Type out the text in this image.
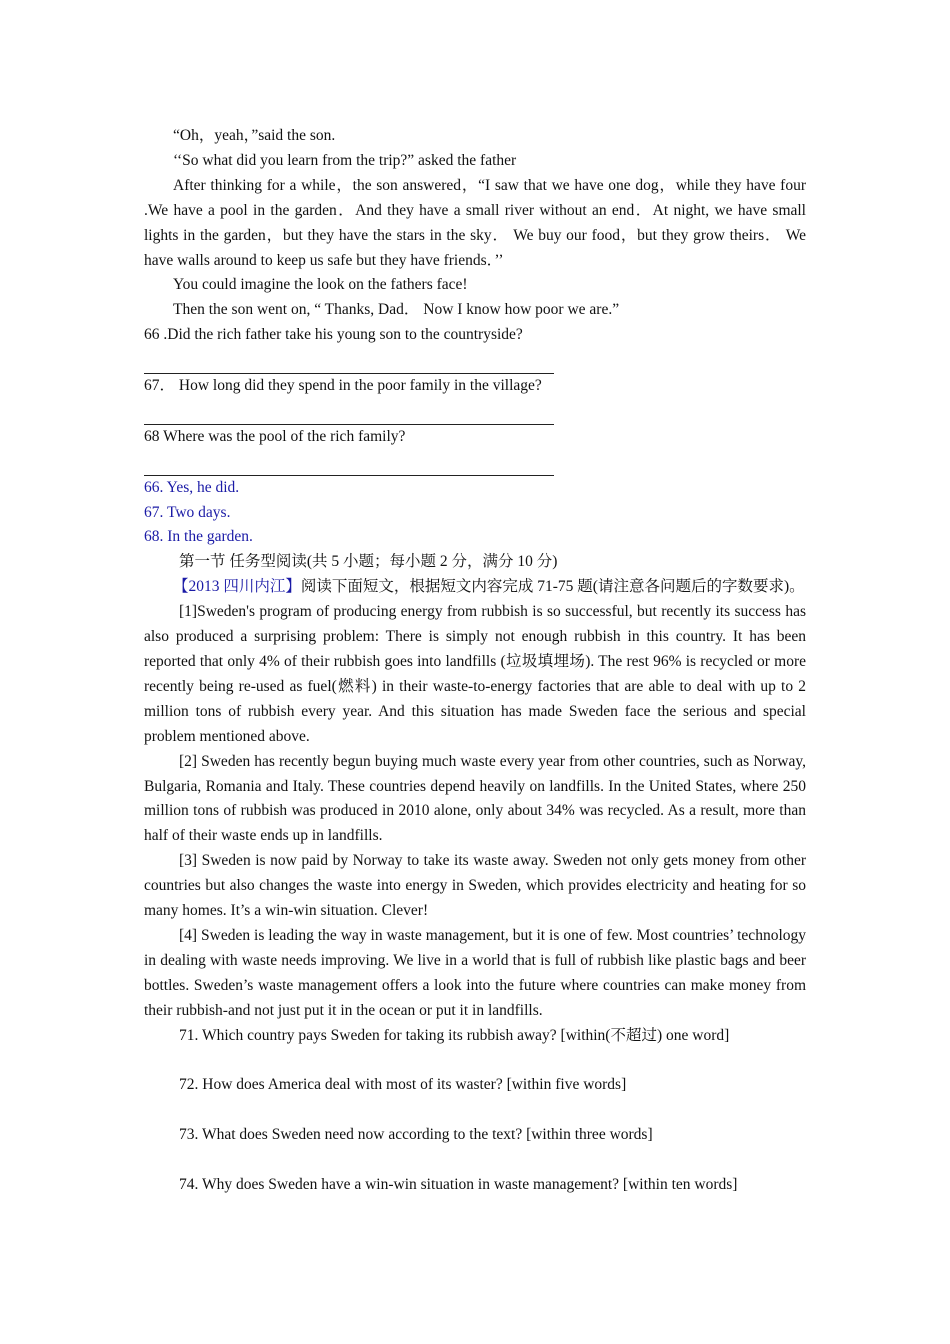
“Oh，yeah，”said the son.

‘‘So what did you learn from the trip?” asked the father

After thinking for a while，the son answered，“I saw that we have one dog，while they have four .We have a pool in the garden．And they have a small river without an end．At night, we have small lights in the garden，but they have the stars in the sky． We buy our food，but they grow theirs． We have walls around to keep us safe but they have friends．’’

You could imagine the look on the fathers face!

Then the son went on, “ Thanks, Dad． Now I know how poor we are.”

66 .Did the rich father take his young son to the countryside?

67． How long did they spend in the poor family in the village?

68 Where was the pool of the rich family?

66. Yes, he did.

67. Two days.

68. In the garden.

第一节 任务型阅读(共 5 小题；每小题 2 分，满分 10 分)

【2013 四川内江】阅读下面短文，根据短文内容完成 71-75 题(请注意各问题后的字数要求)。

[1]Sweden's program of producing energy from rubbish is so successful, but recently its success has also produced a surprising problem: There is simply not enough rubbish in this country. It has been reported that only 4% of their rubbish goes into landfills (垃圾填埋场). The rest 96% is recycled or more recently being re-used as fuel(燃料) in their waste-to-energy factories that are able to deal with up to 2 million tons of rubbish every year. And this situation has made Sweden face the serious and special problem mentioned above.

[2] Sweden has recently begun buying much waste every year from other countries, such as Norway, Bulgaria, Romania and Italy. These countries depend heavily on landfills. In the United States, where 250 million tons of rubbish was produced in 2010 alone, only about 34% was recycled. As a result, more than half of their waste ends up in landfills.

[3] Sweden is now paid by Norway to take its waste away. Sweden not only gets money from other countries but also changes the waste into energy in Sweden, which provides electricity and heating for so many homes. It’s a win-win situation. Clever!

[4] Sweden is leading the way in waste management, but it is one of few. Most countries’ technology in dealing with waste needs improving. We live in a world that is full of rubbish like plastic bags and beer bottles. Sweden’s waste management offers a look into the future where countries can make money from their rubbish-and not just put it in the ocean or put it in landfills.

71. Which country pays Sweden for taking its rubbish away? [within(不超过) one word]

72. How does America deal with most of its waster? [within five words]

73. What does Sweden need now according to the text? [within three words]

74. Why does Sweden have a win-win situation in waste management? [within ten words]
